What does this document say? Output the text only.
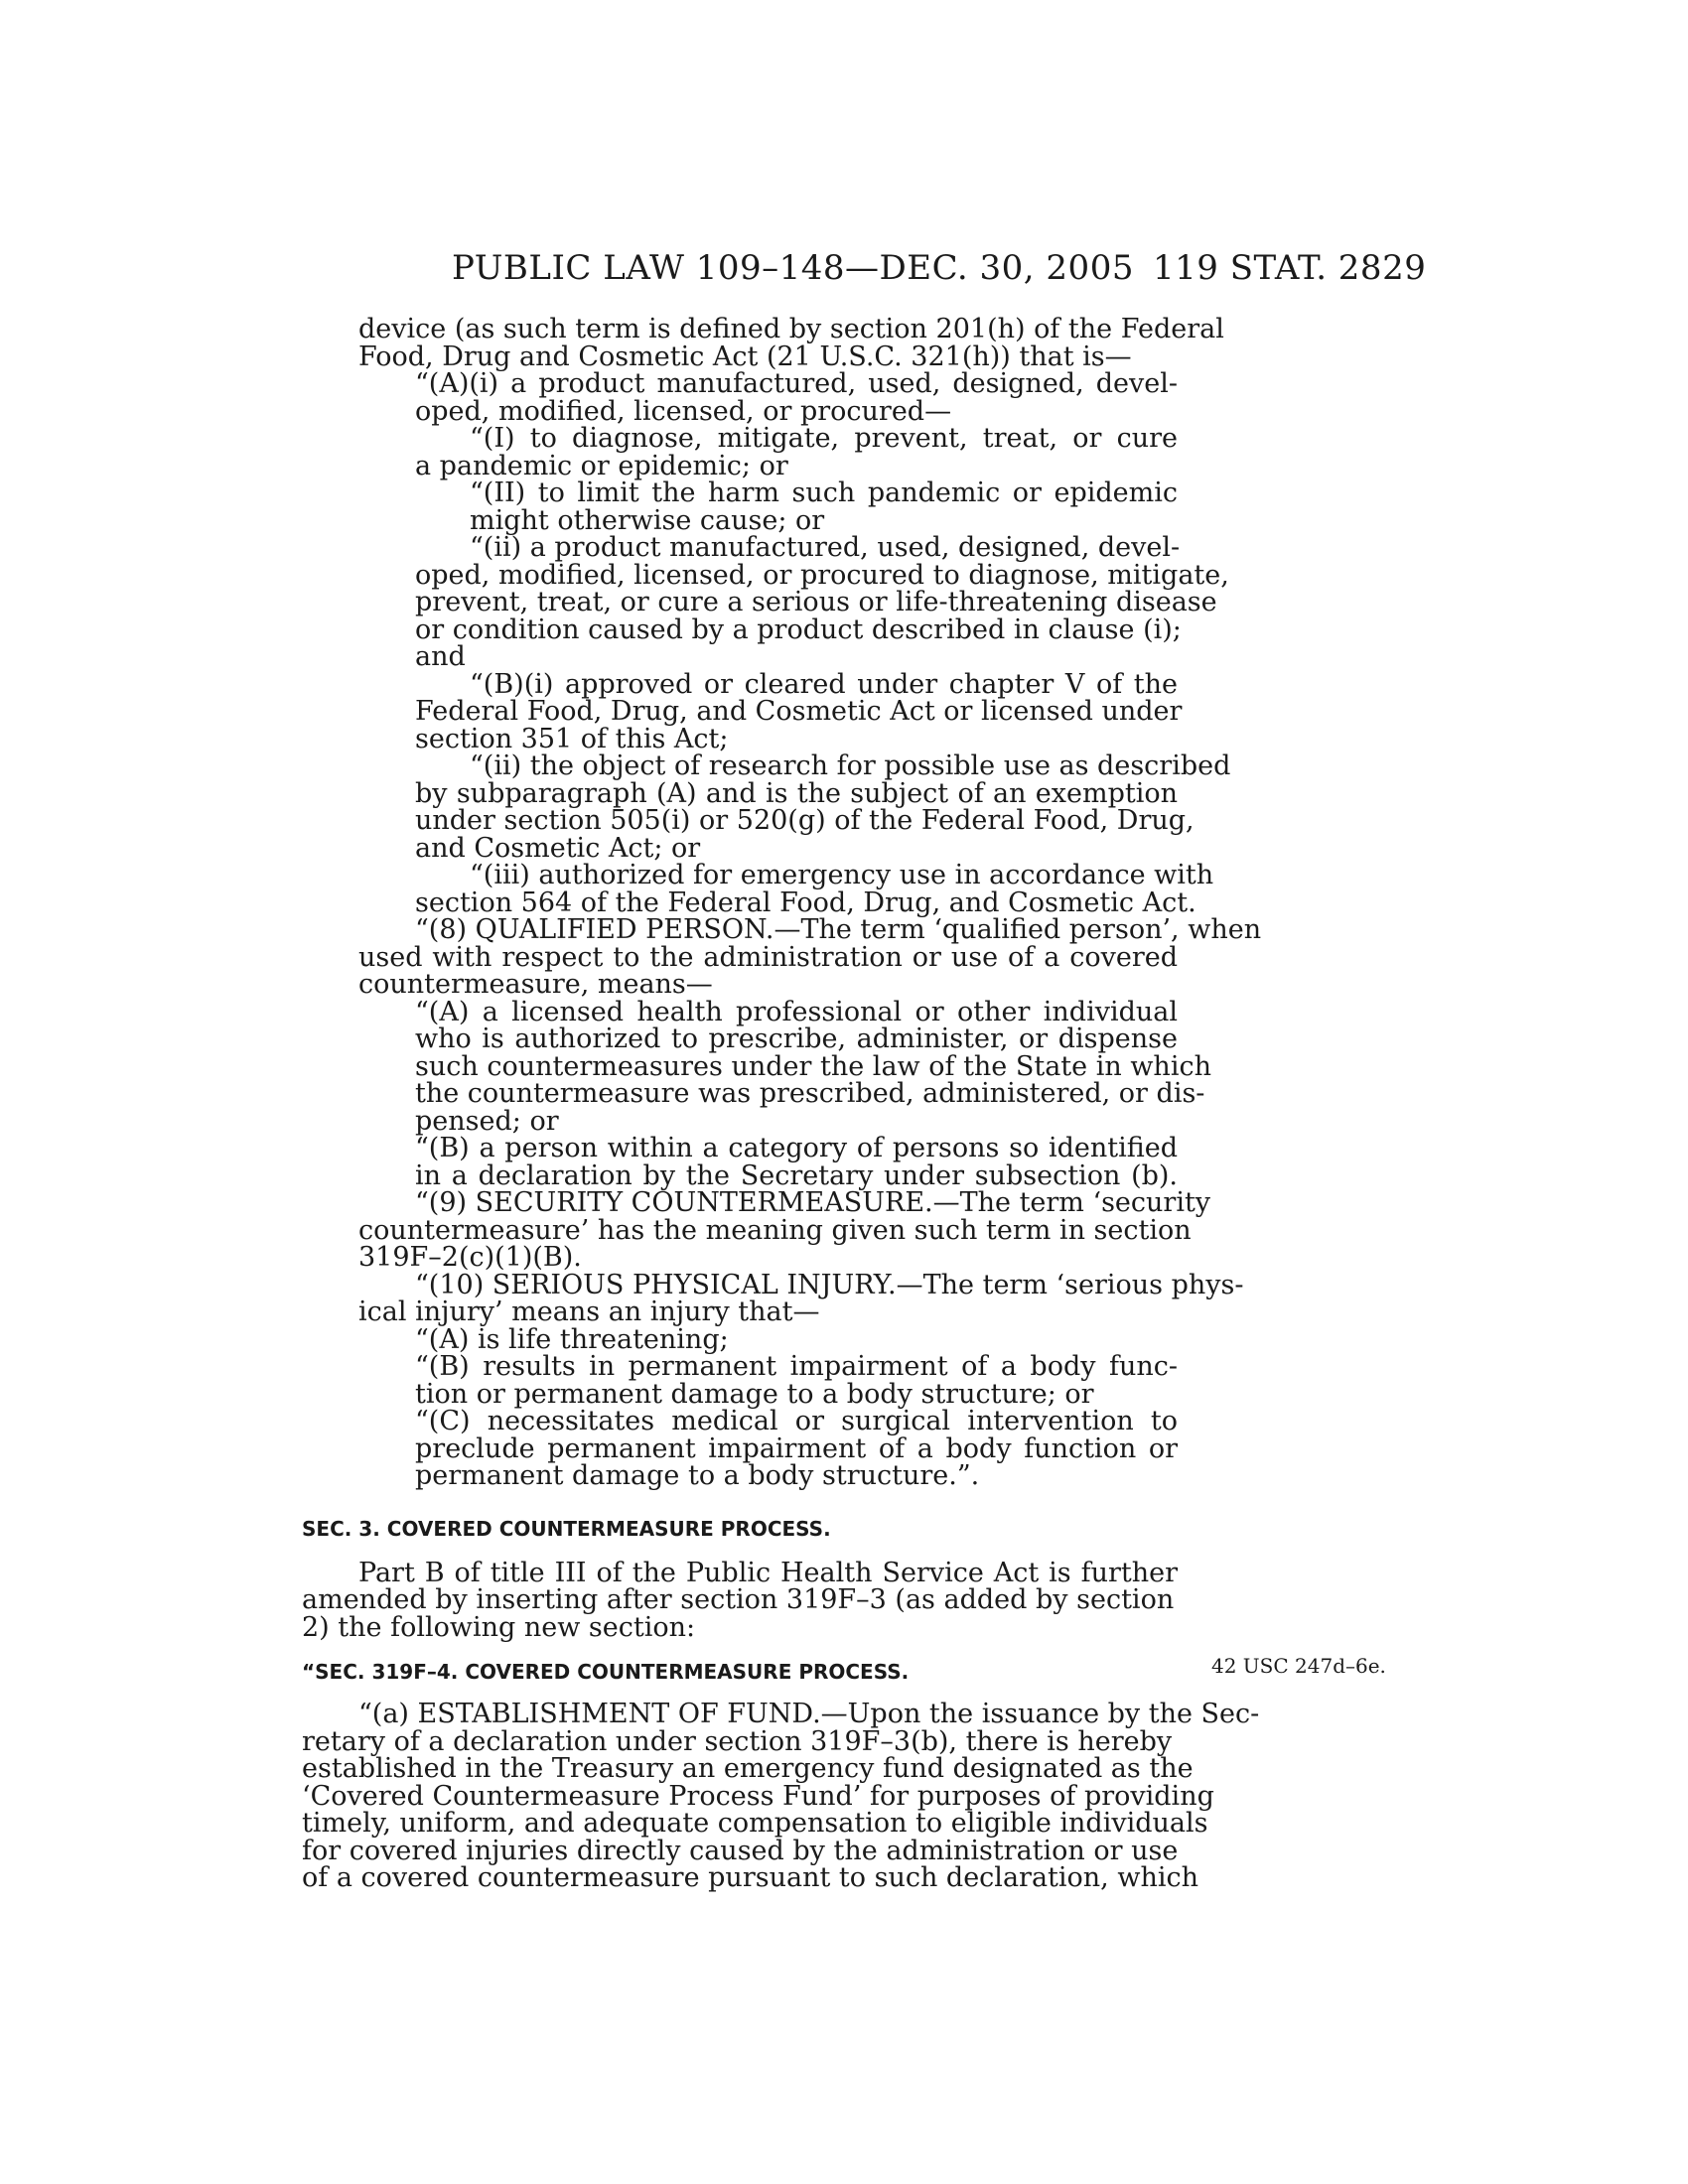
PUBLIC LAW 109–148—DEC. 30, 2005 119 STAT. 2829
device (as such term is defined by section 201(h) of the Federal
Food, Drug and Cosmetic Act (21 U.S.C. 321(h)) that is—
“(A)(i) a product manufactured, used, designed, devel-
oped, modified, licensed, or procured—
“(I) to diagnose, mitigate, prevent, treat, or cure
a pandemic or epidemic; or
“(II) to limit the harm such pandemic or epidemic
might otherwise cause; or
“(ii) a product manufactured, used, designed, devel-
oped, modified, licensed, or procured to diagnose, mitigate,
prevent, treat, or cure a serious or life-threatening disease
or condition caused by a product described in clause (i);
and
“(B)(i) approved or cleared under chapter V of the
Federal Food, Drug, and Cosmetic Act or licensed under
section 351 of this Act;
“(ii) the object of research for possible use as described
by subparagraph (A) and is the subject of an exemption
under section 505(i) or 520(g) of the Federal Food, Drug,
and Cosmetic Act; or
“(iii) authorized for emergency use in accordance with
section 564 of the Federal Food, Drug, and Cosmetic Act.
“(8) QUALIFIED PERSON.—The term ‘qualified person’, when
used with respect to the administration or use of a covered
countermeasure, means—
“(A) a licensed health professional or other individual
who is authorized to prescribe, administer, or dispense
such countermeasures under the law of the State in which
the countermeasure was prescribed, administered, or dis-
pensed; or
“(B) a person within a category of persons so identified
in a declaration by the Secretary under subsection (b).
“(9) SECURITY COUNTERMEASURE.—The term ‘security
countermeasure’ has the meaning given such term in section
319F–2(c)(1)(B).
“(10) SERIOUS PHYSICAL INJURY.—The term ‘serious phys-
ical injury’ means an injury that—
“(A) is life threatening;
“(B) results in permanent impairment of a body func-
tion or permanent damage to a body structure; or
“(C) necessitates medical or surgical intervention to
preclude permanent impairment of a body function or
permanent damage to a body structure.”.
SEC. 3. COVERED COUNTERMEASURE PROCESS.
Part B of title III of the Public Health Service Act is further
amended by inserting after section 319F–3 (as added by section
2) the following new section:
“SEC. 319F–4. COVERED COUNTERMEASURE PROCESS.
“(a) ESTABLISHMENT OF FUND.—Upon the issuance by the Sec-
retary of a declaration under section 319F–3(b), there is hereby
established in the Treasury an emergency fund designated as the
‘Covered Countermeasure Process Fund’ for purposes of providing
timely, uniform, and adequate compensation to eligible individuals
for covered injuries directly caused by the administration or use
of a covered countermeasure pursuant to such declaration, which
42 USC 247d–6e.
